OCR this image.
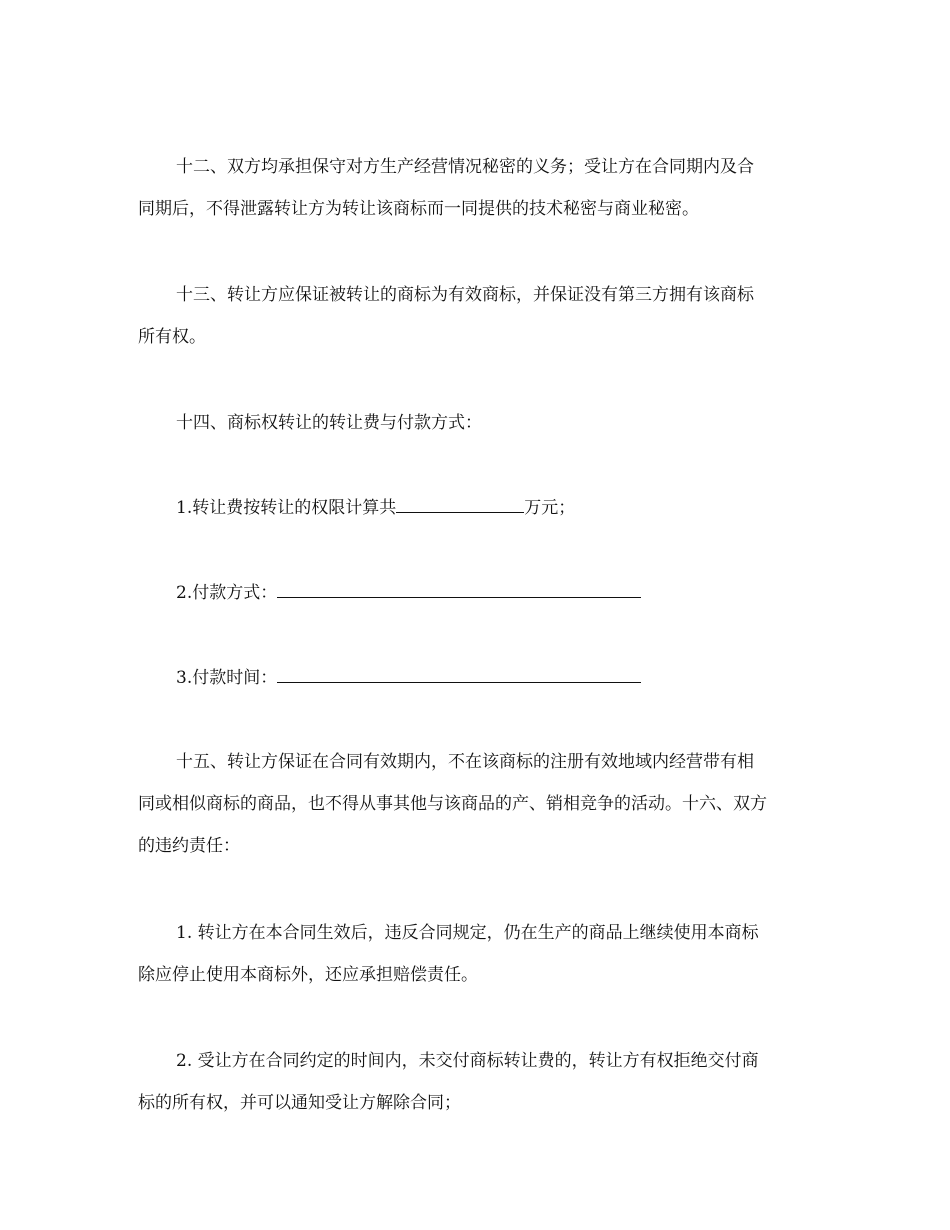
十二、双方均承担保守对方生产经营情况秘密的义务；受让方在合同期内及合
同期后，不得泄露转让方为转让该商标而一同提供的技术秘密与商业秘密。
十三、转让方应保证被转让的商标为有效商标，并保证没有第三方拥有该商标
所有权。
十四、商标权转让的转让费与付款方式：
1.转让费按转让的权限计算共	万元；
2.付款方式：
3.付款时间：
十五、转让方保证在合同有效期内，不在该商标的注册有效地域内经营带有相
同或相似商标的商品，也不得从事其他与该商品的产、销相竞争的活动。十六、双方
的违约责任：
1. 转让方在本合同生效后，违反合同规定，仍在生产的商品上继续使用本商标
除应停止使用本商标外，还应承担赔偿责任。
2. 受让方在合同约定的时间内，未交付商标转让费的，转让方有权拒绝交付商
标的所有权，并可以通知受让方解除合同；
